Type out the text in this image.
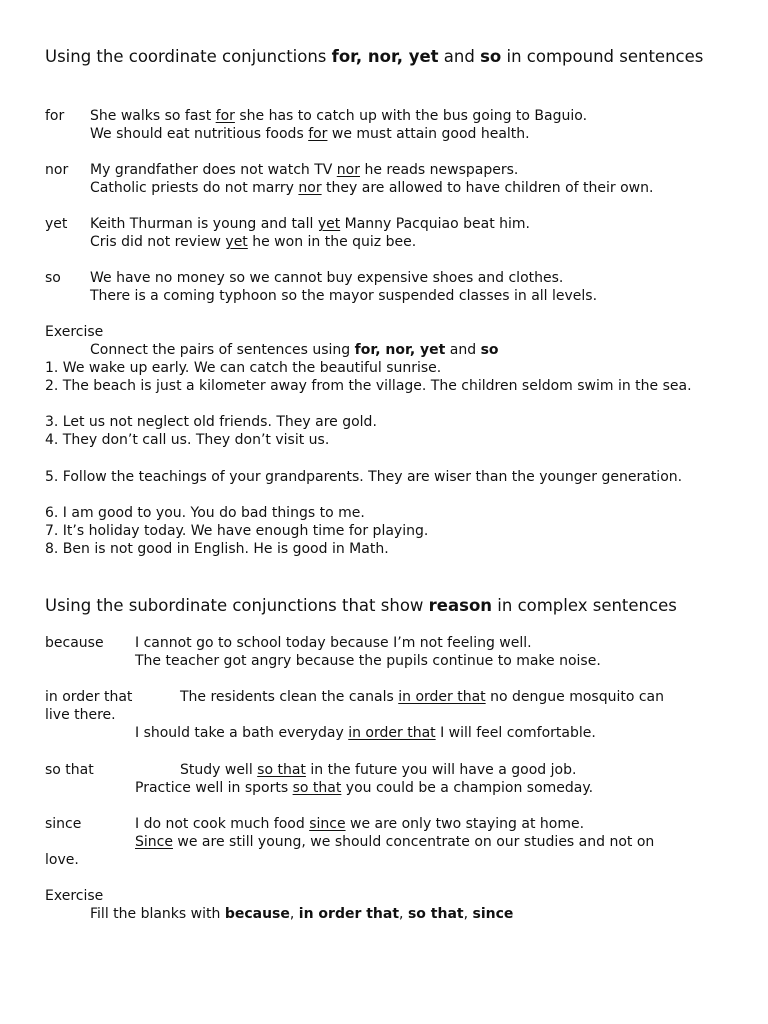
Using the coordinate conjunctions for, nor, yet and so in compound sentences
for She walks so fast for she has to catch up with the bus going to Baguio.
We should eat nutritious foods for we must attain good health.
nor My grandfather does not watch TV nor he reads newspapers.
Catholic priests do not marry nor they are allowed to have children of their own.
yet Keith Thurman is young and tall yet Manny Pacquiao beat him.
Cris did not review yet he won in the quiz bee.
so We have no money so we cannot buy expensive shoes and clothes.
There is a coming typhoon so the mayor suspended classes in all levels.
Exercise
Connect the pairs of sentences using for, nor, yet and so
1. We wake up early. We can catch the beautiful sunrise.
2. The beach is just a kilometer away from the village. The children seldom swim in the sea.
3. Let us not neglect old friends. They are gold.
4. They don’t call us. They don’t visit us.
5. Follow the teachings of your grandparents. They are wiser than the younger generation.
6. I am good to you. You do bad things to me.
7. It’s holiday today. We have enough time for playing.
8. Ben is not good in English. He is good in Math.
Using the subordinate conjunctions that show reason in complex sentences
because I cannot go to school today because I’m not feeling well.
The teacher got angry because the pupils continue to make noise.
in order that	The residents clean the canals in order that no dengue mosquito can
live there.
I should take a bath everyday in order that I will feel comfortable.
so that	Study well so that in the future you will have a good job.
Practice well in sports so that you could be a champion someday.
since	I do not cook much food since we are only two staying at home.
Since we are still young, we should concentrate on our studies and not on
love.
Exercise
Fill the blanks with because, in order that, so that, since
